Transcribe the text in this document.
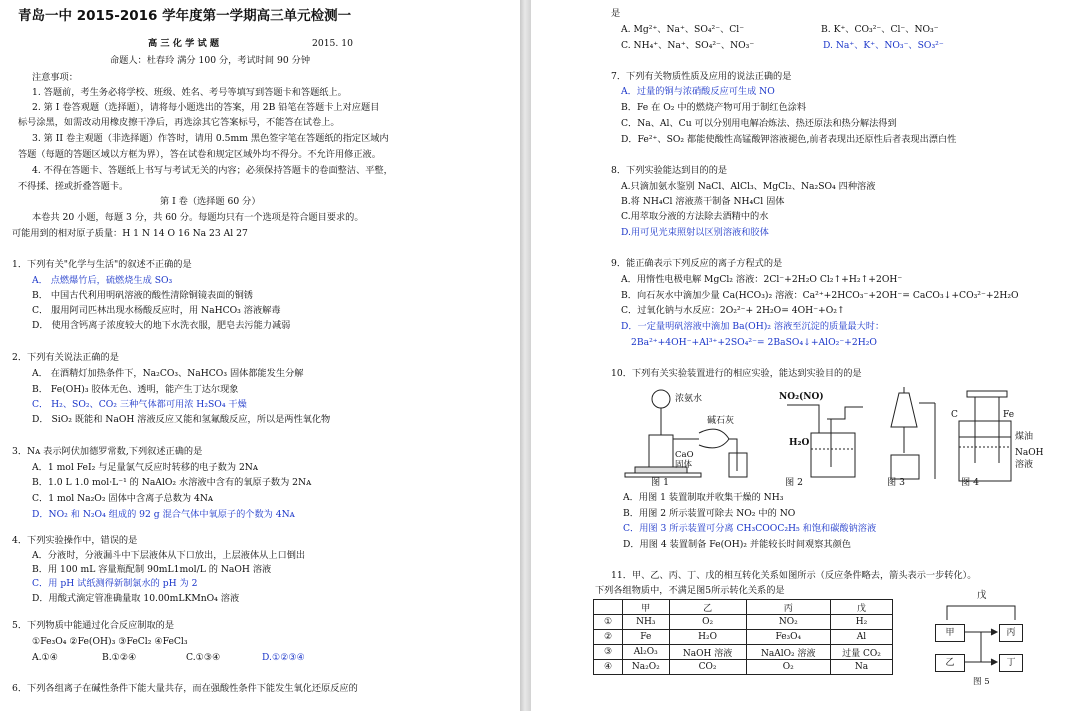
青岛一中 2015-2016 学年度第一学期高三单元检测一
高 三 化 学 试 题	2015. 10
命题人：杜春玲 满分 100 分，考试时间 90 分钟
注意事项：
1. 答题前，考生务必将学校、班级、姓名、考号等填写到答题卡和答题纸上。
2. 第 I 卷答观题（选择题），请将每小题选出的答案，用 2B 铅笔在答题卡上对应题目
标号涂黑，如需改动用橡皮擦干净后，再选涂其它答案标号，不能答在试卷上。
3. 第 II 卷主观题（非选择题）作答时，请用 0.5mm 黑色签字笔在答题纸的指定区域内
答题（每题的答题区域以方框为界），答在试卷和规定区域外均不得分。不允许用修正液。
4. 不得在答题卡、答题纸上书写与考试无关的内容；必须保持答题卡的卷面整洁、平整，
不得揉、搓或折叠答题卡。
第 I 卷（选择题 60 分）
本卷共 20 小题，每题 3 分，共 60 分。每题均只有一个选项是符合题目要求的。
可能用到的相对原子质量：H 1 N 14 O 16 Na 23 Al 27
1．下列有关"化学与生活"的叙述不正确的是
A． 点燃爆竹后，硫燃烧生成 SO₃
B． 中国古代利用明矾溶液的酸性清除铜镜表面的铜锈
C． 服用阿司匹林出现水杨酸反应时，用 NaHCO₃ 溶液解毒
D． 使用含钙离子浓度较大的地下水洗衣服，肥皂去污能力减弱
2．下列有关说法正确的是
A． 在酒精灯加热条件下，Na₂CO₃、NaHCO₃ 固体都能发生分解
B． Fe(OH)₃ 胶体无色、透明，能产生丁达尔现象
C． H₂、SO₂、CO₂ 三种气体都可用浓 H₂SO₄ 干燥
D． SiO₂ 既能和 NaOH 溶液反应又能和氢氟酸反应，所以是两性氧化物
3．Nᴀ 表示阿伏加德罗常数,下列叙述正确的是
A．1 mol FeI₂ 与足量氯气反应时转移的电子数为 2Nᴀ
B．1.0 L 1.0 mol·L⁻¹ 的 NaAlO₂ 水溶液中含有的氧原子数为 2Nᴀ
C．1 mol Na₂O₂ 固体中含离子总数为 4Nᴀ
D．NO₂ 和 N₂O₄ 组成的 92 g 混合气体中氧原子的个数为 4Nᴀ
4．下列实验操作中，错误的是
A．分液时，分液漏斗中下层液体从下口放出，上层液体从上口倒出
B．用 100 mL 容量瓶配制 90mL1mol/L 的 NaOH 溶液
C．用 pH 试纸测得新制氯水的 pH 为 2
D．用酸式滴定管准确量取 10.00mLKMnO₄ 溶液
5．下列物质中能通过化合反应制取的是
①Fe₃O₄ ②Fe(OH)₃ ③FeCl₂ ④FeCl₃
A.①④	B.①②④	C.①③④	D.①②③④
6．下列各组离子在碱性条件下能大量共存，而在强酸性条件下能发生氧化还原反应的
是
A. Mg²⁺、Na⁺、SO₄²⁻、Cl⁻	B. K⁺、CO₃²⁻、Cl⁻、NO₃⁻
C. NH₄⁺、Na⁺、SO₄²⁻、NO₃⁻	D. Na⁺、K⁺、NO₃⁻、SO₃²⁻
7．下列有关物质性质及应用的说法正确的是
A．过量的铜与浓硝酸反应可生成 NO
B．Fe 在 O₂ 中的燃烧产物可用于制红色涂料
C．Na、Al、Cu 可以分别用电解冶炼法、热还原法和热分解法得到
D．Fe²⁺、SO₂ 都能使酸性高锰酸钾溶液褪色,前者表现出还原性后者表现出漂白性
8．下列实验能达到目的的是
A.只滴加氨水鉴别 NaCl、AlCl₃、MgCl₂、Na₂SO₄ 四种溶液
B.将 NH₄Cl 溶液蒸干制备 NH₄Cl 固体
C.用萃取分液的方法除去酒精中的水
D.用可见光束照射以区别溶液和胶体
9．能正确表示下列反应的离子方程式的是
A．用惰性电极电解 MgCl₂ 溶液：2Cl⁻+2H₂O Cl₂↑+H₂↑+2OH⁻
B．向石灰水中滴加少量 Ca(HCO₃)₂ 溶液：Ca²⁺+2HCO₃⁻+2OH⁻= CaCO₃↓+CO₃²⁻+2H₂O
C．过氧化钠与水反应：2O₂²⁻+ 2H₂O= 4OH⁻+O₂↑
D．一定量明矾溶液中滴加 Ba(OH)₂ 溶液至沉淀的质量最大时：
2Ba²⁺+4OH⁻+Al³⁺+2SO₄²⁻= 2BaSO₄↓+AlO₂⁻+2H₂O
10．下列有关实验装置进行的相应实验，能达到实验目的的是
浓氨水
碱石灰
CaO
固体
NO₂(NO)
H₂O
C	Fe
煤油
NaOH
溶液
图 1	图 2	图 3	图 4
A．用图 1 装置制取并收集干燥的 NH₃
B．用图 2 所示装置可除去 NO₂ 中的 NO
C．用图 3 所示装置可分离 CH₃COOC₂H₅ 和饱和碳酸钠溶液
D．用图 4 装置制备 Fe(OH)₂ 并能较长时间观察其颜色
11．甲、乙、丙、丁、戊的相互转化关系如图所示（反应条件略去，箭头表示一步转化）。
下列各组物质中，不满足图5所示转化关系的是
	甲	乙	丙	戊
①	NH₃	O₂	NO₂	H₂
②	Fe	H₂O	Fe₃O₄	Al
③	Al₂O₃	NaOH 溶液	NaAlO₂ 溶液	过量 CO₂
④	Na₂O₂	CO₂	O₂	Na
戊
甲	丙
乙	丁
图 5
